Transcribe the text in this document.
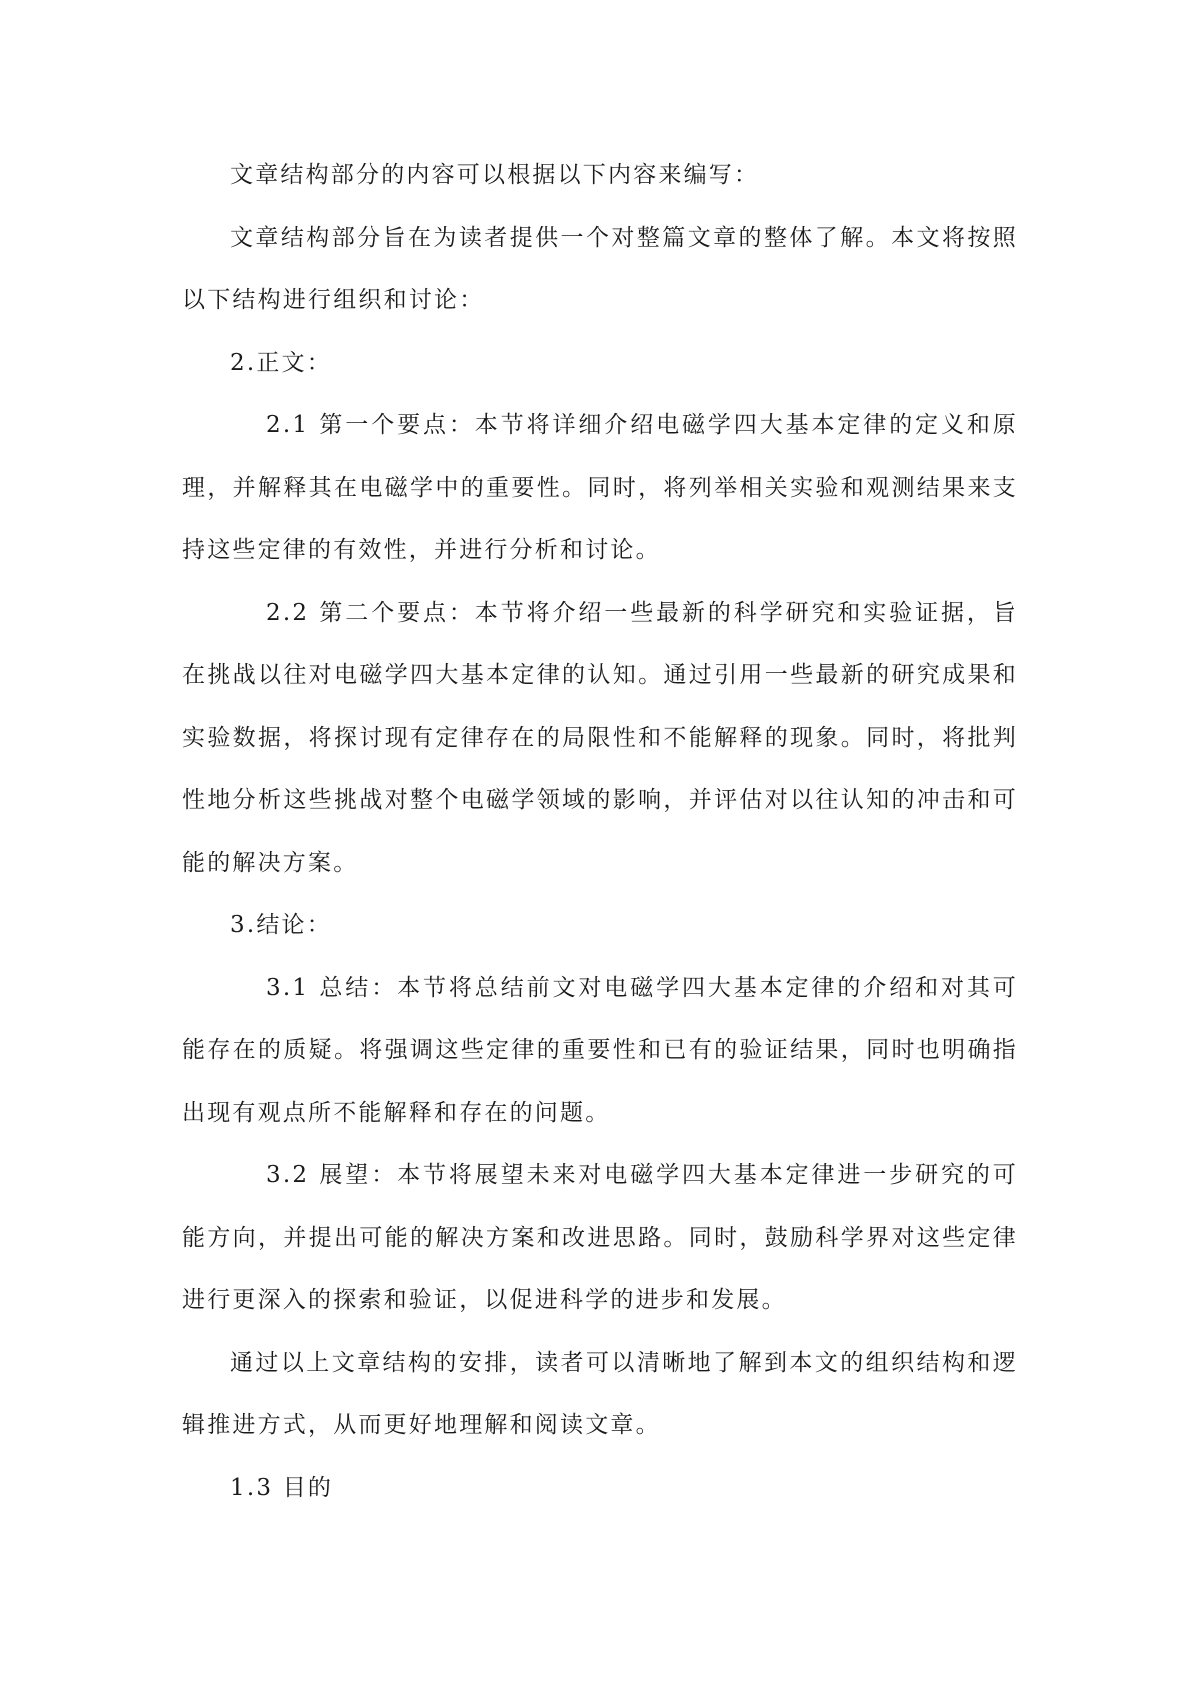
文章结构部分的内容可以根据以下内容来编写：

文章结构部分旨在为读者提供一个对整篇文章的整体了解。本文将按照以下结构进行组织和讨论：

2.正文：

2.1 第一个要点：本节将详细介绍电磁学四大基本定律的定义和原理，并解释其在电磁学中的重要性。同时，将列举相关实验和观测结果来支持这些定律的有效性，并进行分析和讨论。

2.2 第二个要点：本节将介绍一些最新的科学研究和实验证据，旨在挑战以往对电磁学四大基本定律的认知。通过引用一些最新的研究成果和实验数据，将探讨现有定律存在的局限性和不能解释的现象。同时，将批判性地分析这些挑战对整个电磁学领域的影响，并评估对以往认知的冲击和可能的解决方案。

3.结论：

3.1 总结：本节将总结前文对电磁学四大基本定律的介绍和对其可能存在的质疑。将强调这些定律的重要性和已有的验证结果，同时也明确指出现有观点所不能解释和存在的问题。

3.2 展望：本节将展望未来对电磁学四大基本定律进一步研究的可能方向，并提出可能的解决方案和改进思路。同时，鼓励科学界对这些定律进行更深入的探索和验证，以促进科学的进步和发展。

通过以上文章结构的安排，读者可以清晰地了解到本文的组织结构和逻辑推进方式，从而更好地理解和阅读文章。

1.3 目的
